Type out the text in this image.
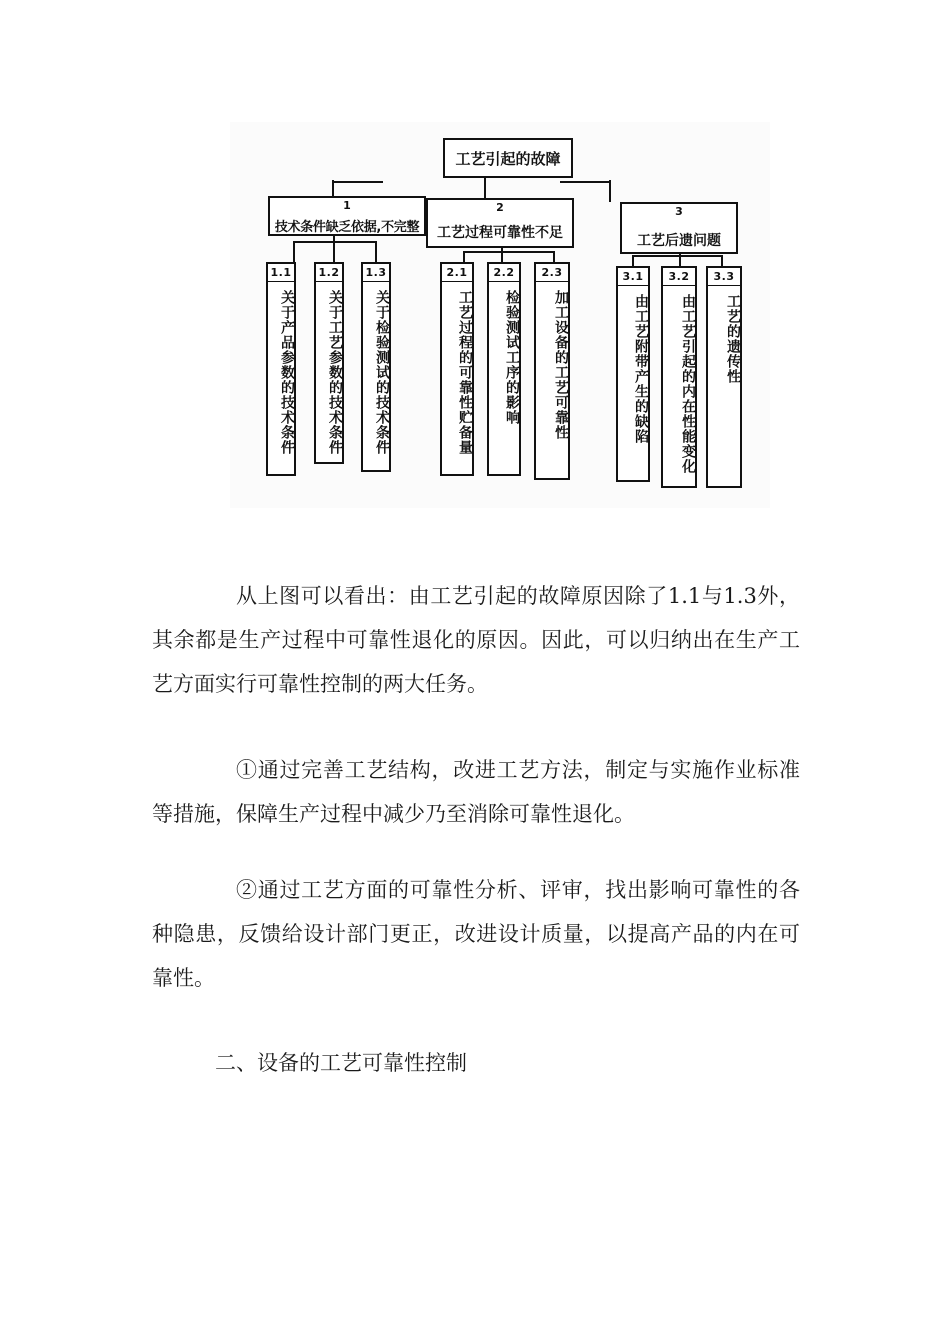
工艺引起的故障
1
技术条件缺乏依据,不完整
2
工艺过程可靠性不足
3
工艺后遗问题
1.1
关于产品参数的技术条件
1.2
关于工艺参数的技术条件
1.3
关于检验测试的技术条件
2.1
工艺过程的可靠性贮备量
2.2
检验测试工序的影响
2.3
加工设备的工艺可靠性
3.1
由工艺附带产生的缺陷
3.2
由工艺引起的内在性能变化
3.3
工艺的遗传性

从上图可以看出：由工艺引起的故障原因除了1.1与1.3外，其余都是生产过程中可靠性退化的原因。因此，可以归纳出在生产工艺方面实行可靠性控制的两大任务。

①通过完善工艺结构，改进工艺方法，制定与实施作业标准等措施，保障生产过程中减少乃至消除可靠性退化。

②通过工艺方面的可靠性分析、评审，找出影响可靠性的各种隐患，反馈给设计部门更正，改进设计质量，以提高产品的内在可靠性。

二、设备的工艺可靠性控制
